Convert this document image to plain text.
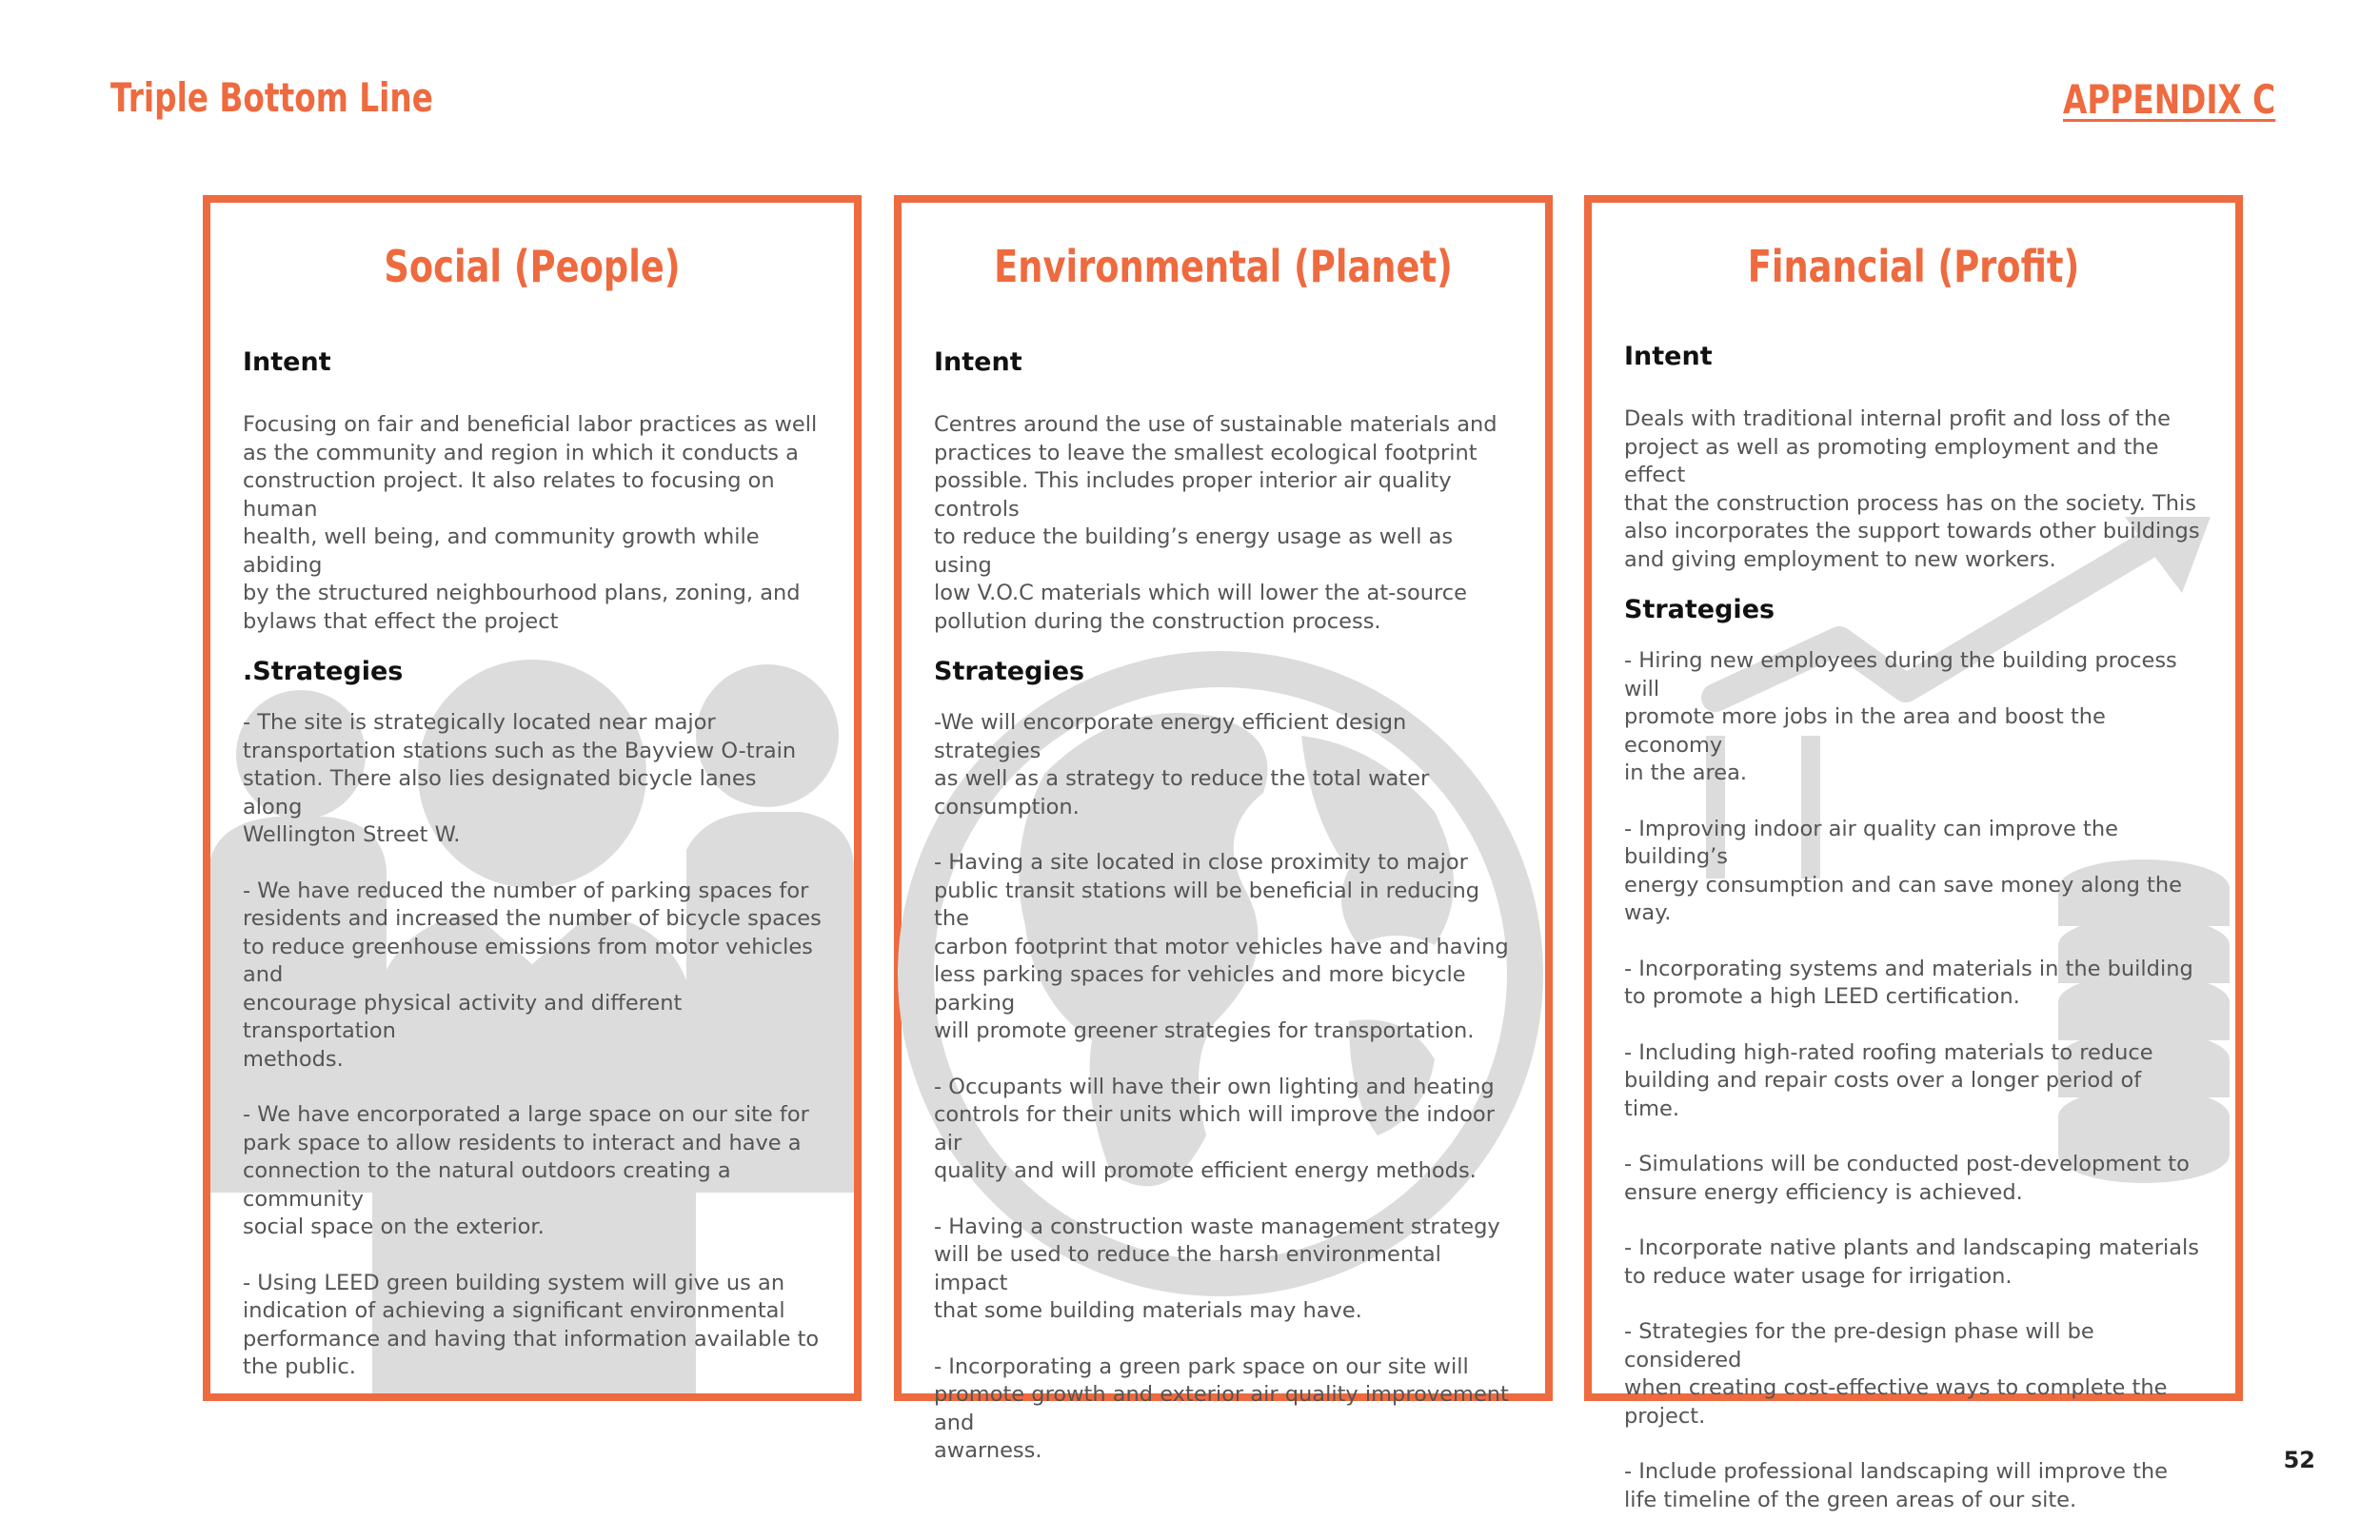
Triple Bottom Line	APPENDIX C
Social (People)
Intent
Focusing on fair and beneficial labor practices as well
as the community and region in which it conducts a
construction project. It also relates to focusing on human
health, well being, and community growth while abiding
by the structured neighbourhood plans, zoning, and
bylaws that effect the project
.Strategies
- The site is strategically located near major
transportation stations such as the Bayview O-train
station. There also lies designated bicycle lanes along
Wellington Street W.
- We have reduced the number of parking spaces for
residents and increased the number of bicycle spaces
to reduce greenhouse emissions from motor vehicles and
encourage physical activity and different transportation
methods.
- We have encorporated a large space on our site for
park space to allow residents to interact and have a
connection to the natural outdoors creating a community
social space on the exterior.
- Using LEED green building system will give us an
indication of achieving a significant environmental
performance and having that information available to
the public.
Environmental (Planet)
Intent
Centres around the use of sustainable materials and
practices to leave the smallest ecological footprint
possible. This includes proper interior air quality controls
to reduce the building’s energy usage as well as using
low V.O.C materials which will lower the at-source
pollution during the construction process.
Strategies
-We will encorporate energy efficient design strategies
as well as a strategy to reduce the total water
consumption.
- Having a site located in close proximity to major
public transit stations will be beneficial in reducing the
carbon footprint that motor vehicles have and having
less parking spaces for vehicles and more bicycle parking
will promote greener strategies for transportation.
- Occupants will have their own lighting and heating
controls for their units which will improve the indoor air
quality and will promote efficient energy methods.
- Having a construction waste management strategy
will be used to reduce the harsh environmental impact
that some building materials may have.
- Incorporating a green park space on our site will
promote growth and exterior air quality improvement and
awarness.
Financial (Profit)
Intent
Deals with traditional internal profit and loss of the
project as well as promoting employment and the effect
that the construction process has on the society. This
also incorporates the support towards other buildings
and giving employment to new workers.
Strategies
- Hiring new employees during the building process will
promote more jobs in the area and boost the economy
in the area.
- Improving indoor air quality can improve the building’s
energy consumption and can save money along the way.
- Incorporating systems and materials in the building
to promote a high LEED certification.
- Including high-rated roofing materials to reduce
building and repair costs over a longer period of time.
- Simulations will be conducted post-development to
ensure energy efficiency is achieved.
- Incorporate native plants and landscaping materials
to reduce water usage for irrigation.
- Strategies for the pre-design phase will be considered
when creating cost-effective ways to complete the project.
- Include professional landscaping will improve the
life timeline of the green areas of our site.
52
